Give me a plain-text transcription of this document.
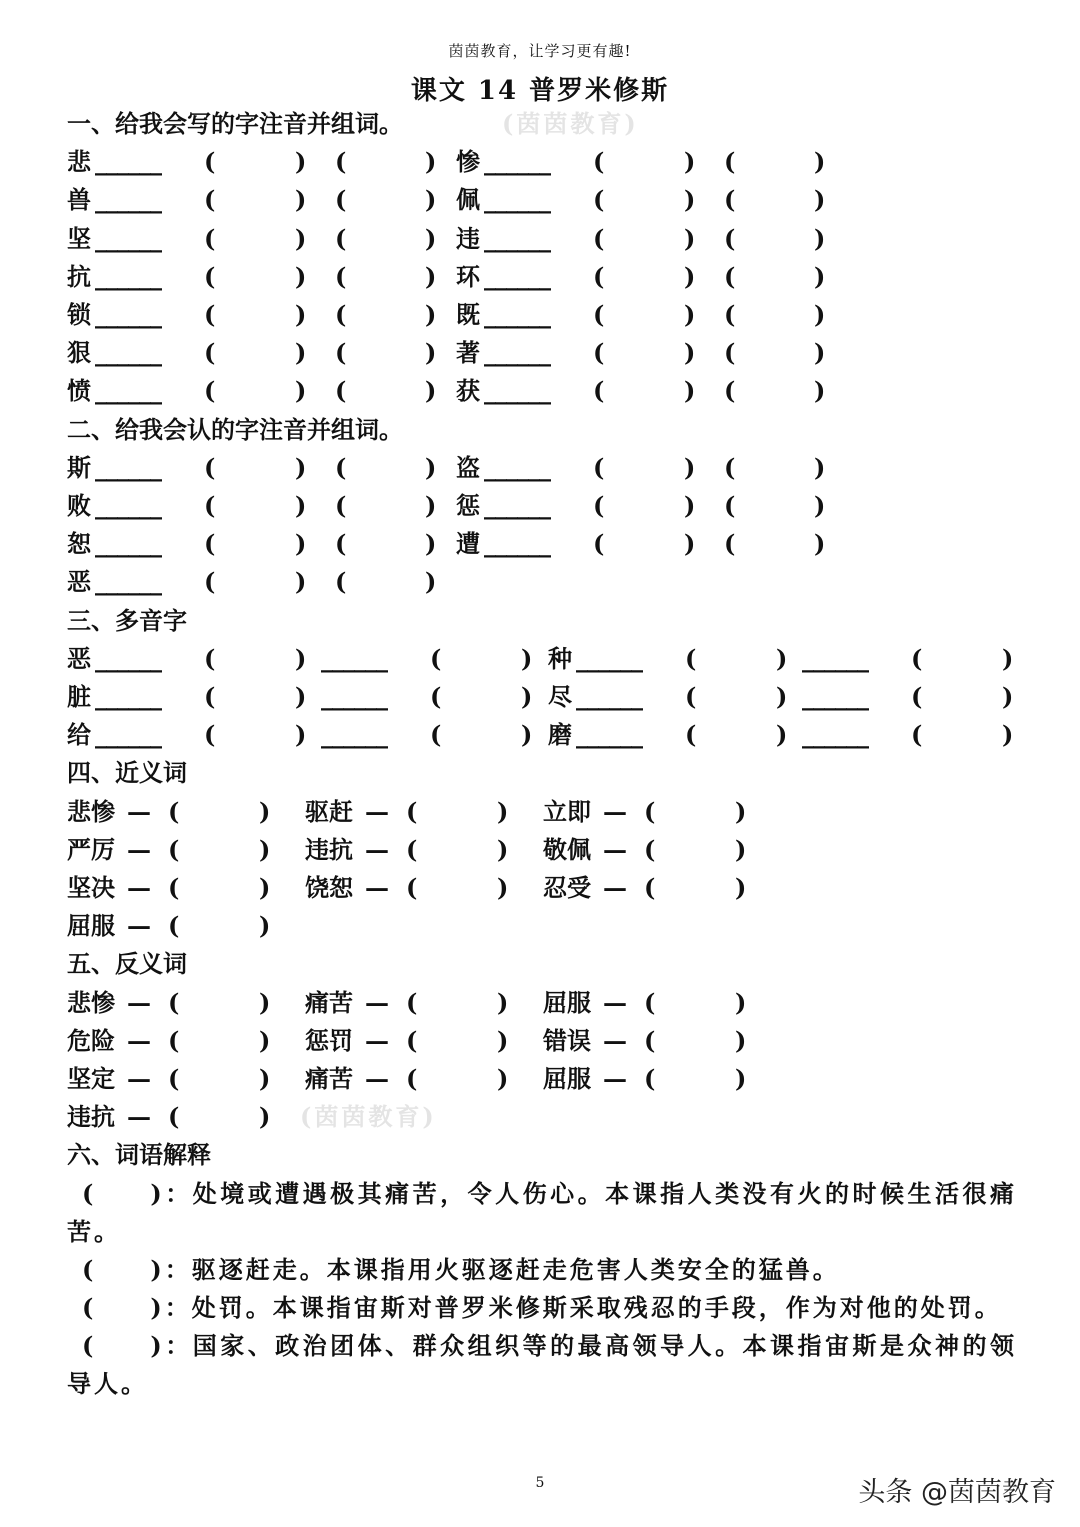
茵茵教育，让学习更有趣!
课文 14 普罗米修斯
一、给我会写的字注音并组词。	(茵茵教育)
悲 ______ (	) (	) 惨 ______ (	) (	)
兽 ______ (	) (	) 佩 ______ (	) (	)
坚 ______ (	) (	) 违 ______ (	) (	)
抗 ______ (	) (	) 环 ______ (	) (	)
锁 ______ (	) (	) 既 ______ (	) (	)
狠 ______ (	) (	) 著 ______ (	) (	)
愤 ______ (	) (	) 获 ______ (	) (	)
二、给我会认的字注音并组词。
斯 ______ (	) (	) 盗 ______ (	) (	)
败 ______ (	) (	) 惩 ______ (	) (	)
恕 ______ (	) (	) 遭 ______ (	) (	)
恶 ______ (	) (	)
三、多音字
恶 ______ (	) ______ (	) 种 ______ (	) ______ (	)
脏 ______ (	) ______ (	) 尽 ______ (	) ______ (	)
给 ______ (	) ______ (	) 磨 ______ (	) ______ (	)
四、近义词
悲惨 — (	) 驱赶 — (	) 立即 — (	)
严厉 — (	) 违抗 — (	) 敬佩 — (	)
坚决 — (	) 饶恕 — (	) 忍受 — (	)
屈服 — (	)
五、反义词
悲惨 — (	) 痛苦 — (	) 屈服 — (	)
危险 — (	) 惩罚 — (	) 错误 — (	)
坚定 — (	) 痛苦 — (	) 屈服 — (	)
违抗 — (	) (茵茵教育)
六、词语解释
 (  )：处境或遭遇极其痛苦，令人伤心。本课指人类没有火的时候生活很痛苦。
 (  )：驱逐赶走。本课指用火驱逐赶走危害人类安全的猛兽。
 (  )：处罚。本课指宙斯对普罗米修斯采取残忍的手段，作为对他的处罚。
 (  )：国家、政治团体、群众组织等的最高领导人。本课指宙斯是众神的领导人。
5	头条 @茵茵教育
